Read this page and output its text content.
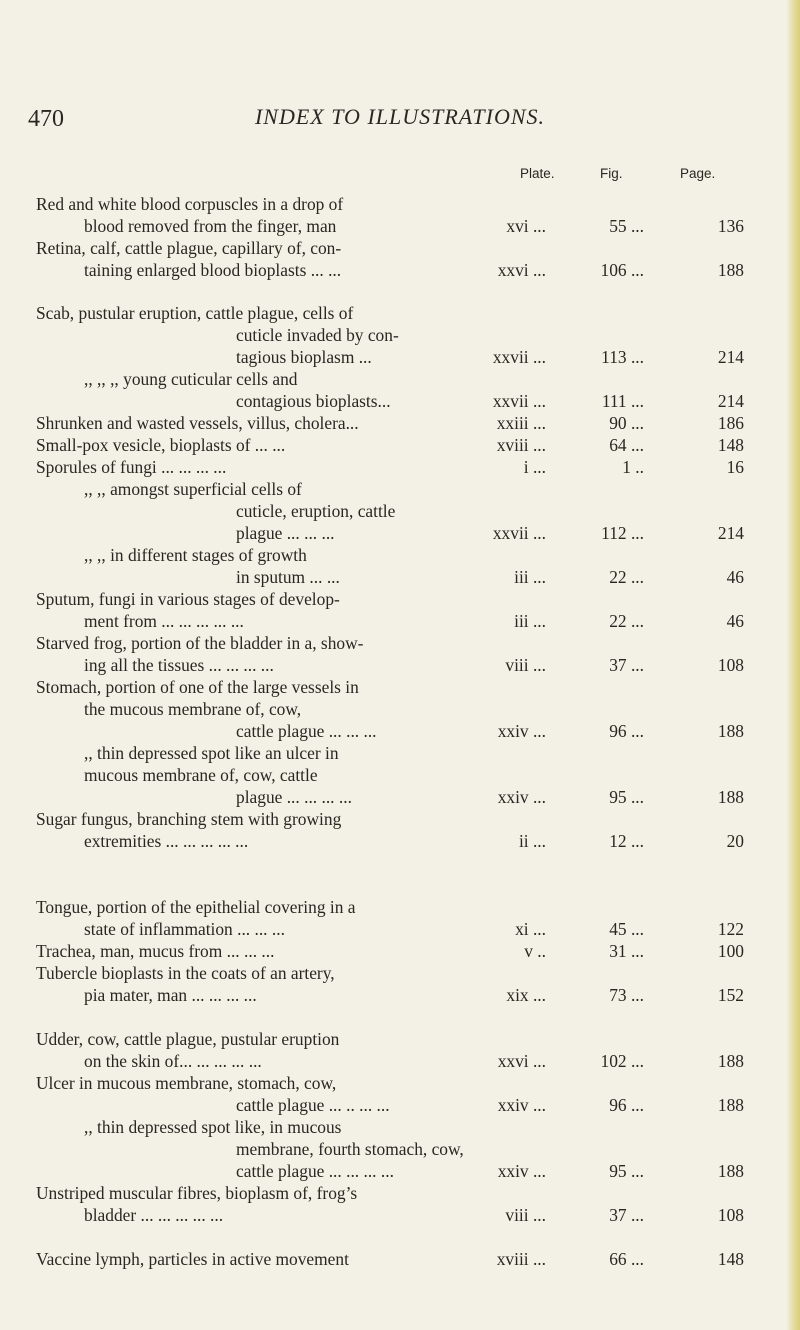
470	INDEX TO ILLUSTRATIONS.
Plate.	Fig.	Page.
Red and white blood corpuscles in a drop of
blood removed from the finger, man	xvi ...	55 ...	136
Retina, calf, cattle plague, capillary of, con-
taining enlarged blood bioplasts ... ...	xxvi ...	106 ...	188
Scab, pustular eruption, cattle plague, cells of
cuticle invaded by con-
tagious bioplasm ...	xxvii ...	113 ...	214
,, ,, ,, young cuticular cells and
contagious bioplasts...	xxvii ...	111 ...	214
Shrunken and wasted vessels, villus, cholera...	xxiii ...	90 ...	186
Small-pox vesicle, bioplasts of ... ...	xviii ...	64 ...	148
Sporules of fungi ... ... ... ...	i ...	1 ..	16
,, ,, amongst superficial cells of
cuticle, eruption, cattle
plague ... ... ...	xxvii ...	112 ...	214
,, ,, in different stages of growth
in sputum ... ...	iii ...	22 ...	46
Sputum, fungi in various stages of develop-
ment from ... ... ... ... ...	iii ...	22 ...	46
Starved frog, portion of the bladder in a, show-
ing all the tissues ... ... ... ...	viii ...	37 ...	108
Stomach, portion of one of the large vessels in
the mucous membrane of, cow,
cattle plague ... ... ...	xxiv ...	96 ...	188
,, thin depressed spot like an ulcer in
mucous membrane of, cow, cattle
plague ... ... ... ...	xxiv ...	95 ...	188
Sugar fungus, branching stem with growing
extremities ... ... ... ... ...	ii ...	12 ...	20
Tongue, portion of the epithelial covering in a
state of inflammation ... ... ...	xi ...	45 ...	122
Trachea, man, mucus from ... ... ...	v ..	31 ...	100
Tubercle bioplasts in the coats of an artery,
pia mater, man ... ... ... ...	xix ...	73 ...	152
Udder, cow, cattle plague, pustular eruption
on the skin of... ... ... ... ...	xxvi ...	102 ...	188
Ulcer in mucous membrane, stomach, cow,
cattle plague ... .. ... ...	xxiv ...	96 ...	188
,, thin depressed spot like, in mucous
membrane, fourth stomach, cow,
cattle plague ... ... ... ...	xxiv ...	95 ...	188
Unstriped muscular fibres, bioplasm of, frog’s
bladder ... ... ... ... ...	viii ...	37 ...	108
Vaccine lymph, particles in active movement	xviii ...	66 ...	148
